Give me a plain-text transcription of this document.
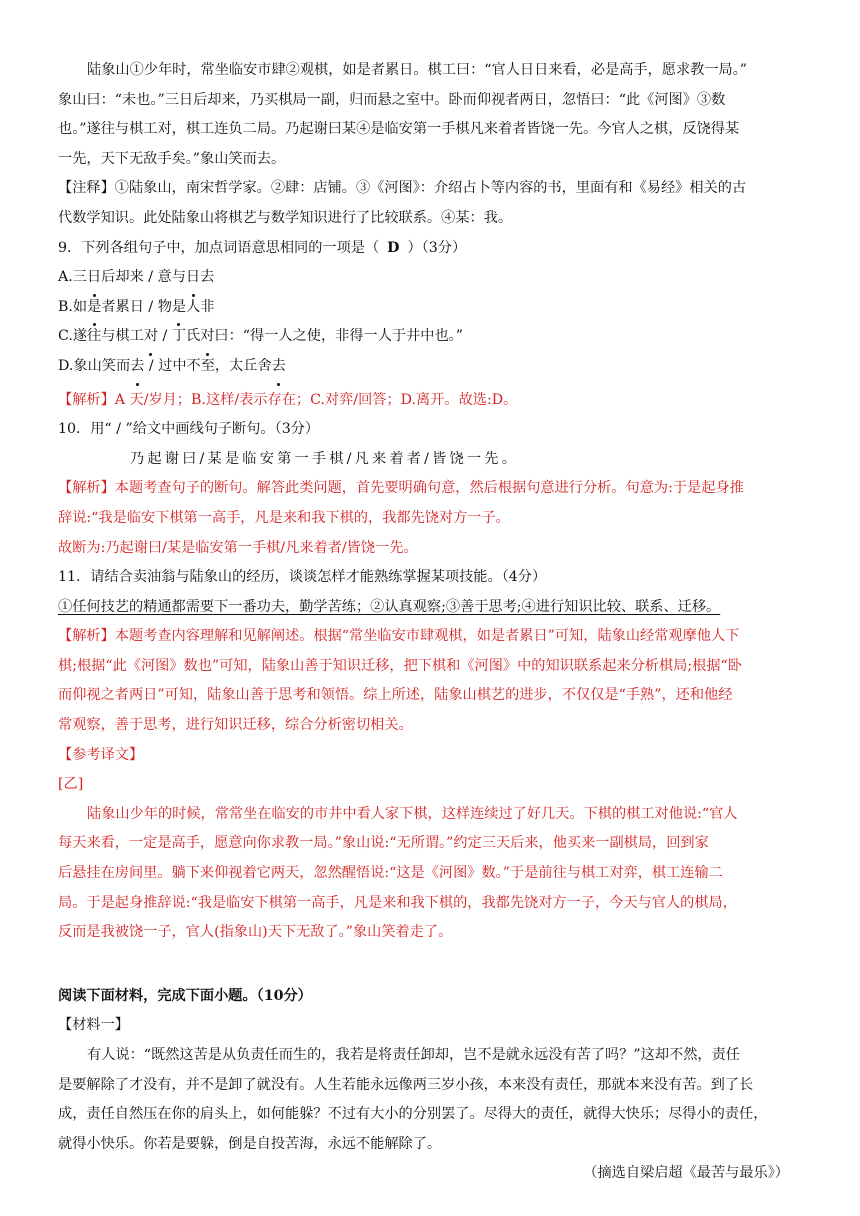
陆象山①少年时，常坐临安市肆②观棋，如是者累日。棋工曰：“官人日日来看，必是高手，愿求教一局。”
象山曰：“未也。”三日后却来，乃买棋局一副，归而悬之室中。卧而仰视者两日，忽悟曰：“此《河图》③数
也。”遂往与棋工对，棋工连负二局。乃起谢曰某④是临安第一手棋凡来着者皆饶一先。今官人之棋，反饶得某
一先，天下无敌手矣。”象山笑而去。
【注释】①陆象山，南宋哲学家。②肆：店铺。③《河图》：介绍占卜等内容的书，里面有和《易经》相关的古
代数学知识。此处陆象山将棋艺与数学知识进行了比较联系。④某：我。
9．下列各组句子中，加点词语意思相同的一项是（ D ）（3分）
A.三日后却来 / 意与日去
B.如是者累日 / 物是人非
C.遂往与棋工对 / 丁氏对曰：“得一人之使，非得一人于井中也。”
D.象山笑而去 / 过中不至，太丘舍去
【解析】A 天/岁月；B.这样/表示存在；C.对弈/回答；D.离开。故选:D。
10．用“ / ”给文中画线句子断句。（3分）
乃起谢曰/某是临安第一手棋/凡来着者/皆饶一先。
【解析】本题考查句子的断句。解答此类问题，首先要明确句意，然后根据句意进行分析。句意为:于是起身推
辞说:“我是临安下棋第一高手，凡是来和我下棋的，我都先饶对方一子。
故断为:乃起谢曰/某是临安第一手棋/凡来着者/皆饶一先。
11．请结合卖油翁与陆象山的经历，谈谈怎样才能熟练掌握某项技能。（4分）
①任何技艺的精通都需要下一番功夫，勤学苦练；②认真观察;③善于思考;④进行知识比较、联系、迁移。
【解析】本题考查内容理解和见解阐述。根据“常坐临安市肆观棋，如是者累日”可知，陆象山经常观摩他人下
棋;根据“此《河图》数也”可知，陆象山善于知识迁移，把下棋和《河图》中的知识联系起来分析棋局;根据“卧
而仰视之者两日”可知，陆象山善于思考和领悟。综上所述，陆象山棋艺的进步，不仅仅是“手熟”，还和他经
常观察，善于思考，进行知识迁移，综合分析密切相关。
【参考译文】
[乙]
陆象山少年的时候，常常坐在临安的市井中看人家下棋，这样连续过了好几天。下棋的棋工对他说:“官人
每天来看，一定是高手，愿意向你求教一局。”象山说:“无所谓。”约定三天后来，他买来一副棋局，回到家
后悬挂在房间里。躺下来仰视着它两天，忽然醒悟说:“这是《河图》数。”于是前往与棋工对弈，棋工连输二
局。于是起身推辞说:“我是临安下棋第一高手，凡是来和我下棋的，我都先饶对方一子，今天与官人的棋局，
反而是我被饶一子，官人(指象山)天下无敌了。”象山笑着走了。
阅读下面材料，完成下面小题。（10分）
【材料一】
有人说：“既然这苦是从负责任而生的，我若是将责任卸却，岂不是就永远没有苦了吗？”这却不然，责任
是要解除了才没有，并不是卸了就没有。人生若能永远像两三岁小孩，本来没有责任，那就本来没有苦。到了长
成，责任自然压在你的肩头上，如何能躲？不过有大小的分别罢了。尽得大的责任，就得大快乐；尽得小的责任，
就得小快乐。你若是要躲，倒是自投苦海，永远不能解除了。
（摘选自梁启超《最苦与最乐》）
